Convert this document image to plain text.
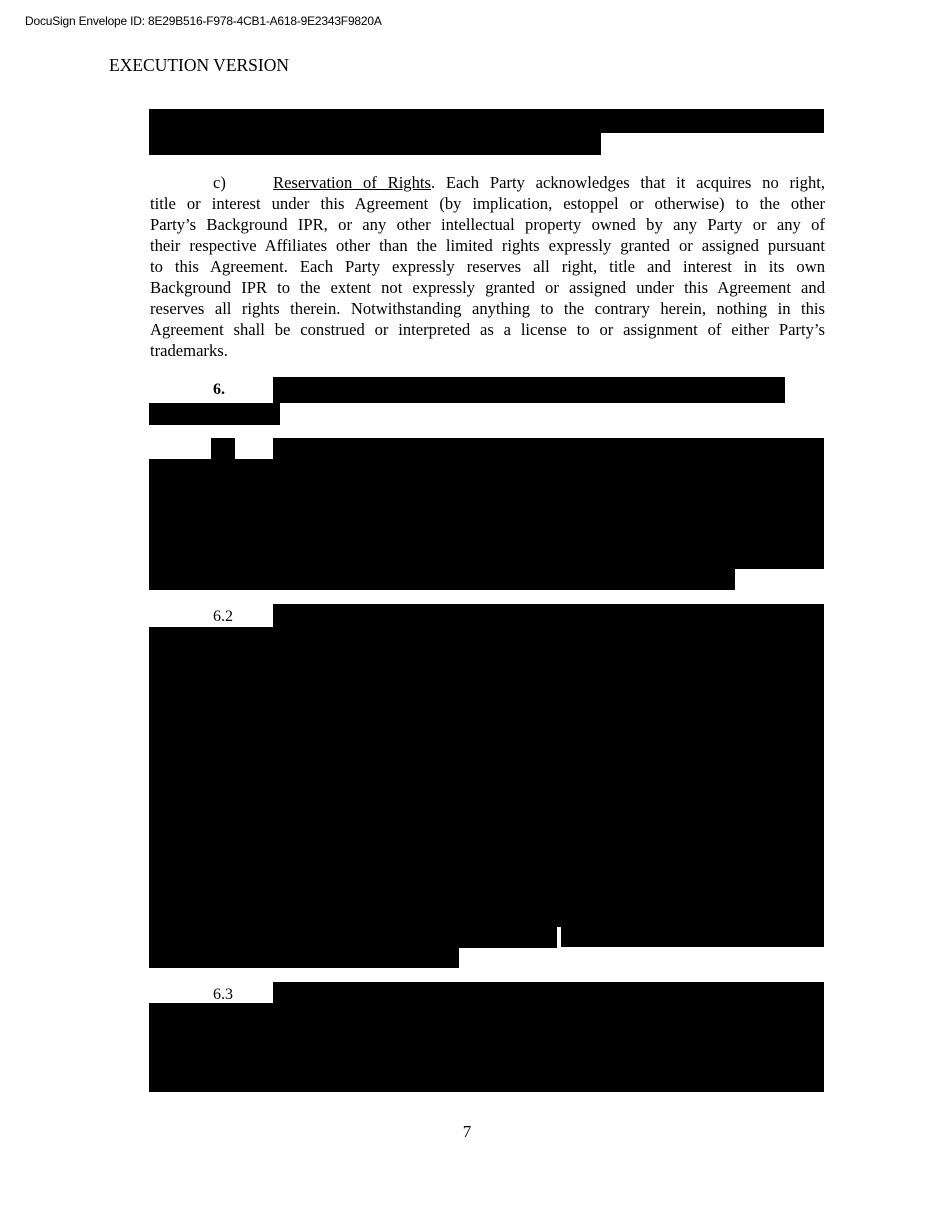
DocuSign Envelope ID: 8E29B516-F978-4CB1-A618-9E2343F9820A
EXECUTION VERSION
c)	Reservation of Rights. Each Party acknowledges that it acquires no right,
title or interest under this Agreement (by implication, estoppel or otherwise) to the other
Party’s Background IPR, or any other intellectual property owned by any Party or any of
their respective Affiliates other than the limited rights expressly granted or assigned pursuant
to this Agreement. Each Party expressly reserves all right, title and interest in its own
Background IPR to the extent not expressly granted or assigned under this Agreement and
reserves all rights therein. Notwithstanding anything to the contrary herein, nothing in this
Agreement shall be construed or interpreted as a license to or assignment of either Party’s
trademarks.
6.
6.2
6.3
7
